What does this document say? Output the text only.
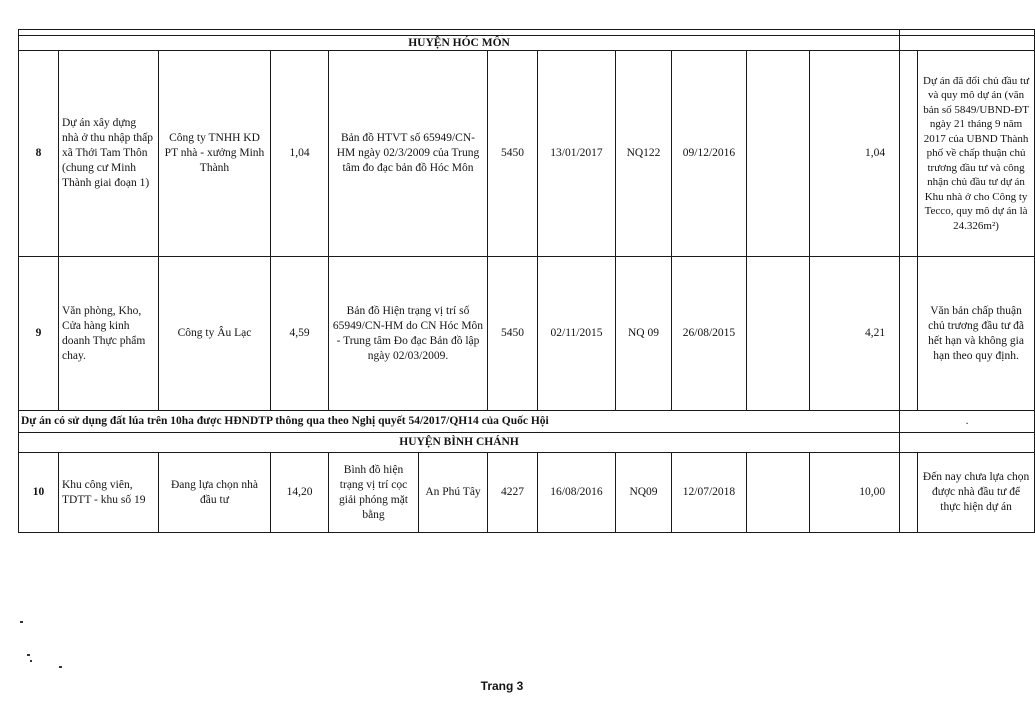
HUYỆN HÓC MÔN													
8	Dự án xây dựng nhà ở thu nhập thấp xã Thới Tam Thôn (chung cư Minh Thành giai đoạn 1)	Công ty TNHH KD PT nhà - xưởng Minh Thành	1,04	Bản đồ HTVT số 65949/CN-HM ngày 02/3/2009 của Trung tâm đo đạc bản đồ Hóc Môn		5450	13/01/2017	NQ122	09/12/2016		1,04		Dự án đã đổi chủ đầu tư và quy mô dự án (văn bản số 5849/UBND-ĐT ngày 21 tháng 9 năm 2017 của UBND Thành phố về chấp thuận chủ trương đầu tư và công nhận chủ đầu tư dự án Khu nhà ở cho Công ty Tecco, quy mô dự án là 24.326m²)
9	Văn phòng, Kho, Cửa hàng kinh doanh Thực phẩm chay.	Công ty Âu Lạc	4,59	Bản đồ Hiện trạng vị trí số 65949/CN-HM do CN Hóc Môn - Trung tâm Đo đạc Bản đồ lập ngày 02/03/2009.		5450	02/11/2015	NQ 09	26/08/2015		4,21		Văn bản chấp thuận chủ trương đầu tư đã hết hạn và không gia hạn theo quy định.
Dự án có sử dụng đất lúa trên 10ha được HĐNDTP thông qua theo Nghị quyết 54/2017/QH14 của Quốc Hội												.	
HUYỆN BÌNH CHÁNH													
10	Khu công viên, TDTT - khu số 19	Đang lựa chọn nhà đầu tư	14,20	Bình đồ hiện trạng vị trí cọc giải phóng mặt bằng	An Phú Tây	4227	16/08/2016	NQ09	12/07/2018		10,00		Đến nay chưa lựa chọn được nhà đầu tư để thực hiện dự án
Trang 3
